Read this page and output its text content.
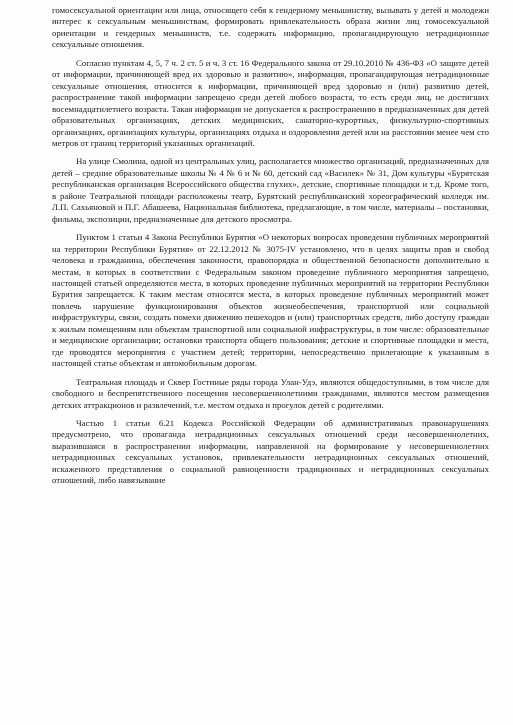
гомосексуальной ориентации или лица, относящего себя к гендерному меньшинству, вызывать у детей и молодежи интерес к сексуальным меньшинствам, формировать привлекательность образа жизни лиц гомосексуальной ориентации и гендерных меньшинств, т.е. содержать информацию, пропагандирующую нетрадиционные сексуальные отношения.

Согласно пунктам 4, 5, 7 ч. 2 ст. 5 и ч. 3 ст. 16 Федерального закона от 29.10.2010 № 436-ФЗ «О защите детей от информации, причиняющей вред их здоровью и развитию», информация, пропагандирующая нетрадиционные сексуальные отношения, относится к информации, причиняющей вред здоровью и (или) развитию детей, распространение такой информации запрещено среди детей любого возраста, то есть среди лиц, не достигших восемнадцатилетнего возраста. Такая информация не допускается к распространению в предназначенных для детей образовательных организациях, детских медицинских, санаторно-курортных, физкультурно-спортивных организациях, организациях культуры, организациях отдыха и оздоровления детей или на расстоянии менее чем сто метров от границ территорий указанных организаций.

На улице Смолина, одной из центральных улиц, располагается множество организаций, предназначенных для детей – средние образовательные школы № 4 № 6 и № 60, детский сад «Василек» № 31, Дом культуры «Бурятская республиканская организация Всероссийского общества глухих», детские, спортивные площадки и т.д. Кроме того, в районе Театральной площади расположены театр, Бурятский республиканский хореографический колледж им. Л.П. Сахьяновой и П.Г. Абашеева, Национальная библиотека, предлагающие, в том числе, материалы – постановки, фильмы, экспозиции, предназначенные для детского просмотра.

Пунктом 1 статьи 4 Закона Республики Бурятия «О некоторых вопросах проведения публичных мероприятий на территории Республики Бурятия» от 22.12.2012 № 3075-IV установлено, что в целях защиты прав и свобод человека и гражданина, обеспечения законности, правопорядка и общественной безопасности дополнительно к местам, в которых в соответствии с Федеральным законом проведение публичного мероприятия запрещено, настоящей статьей определяются места, в которых проведение публичных мероприятий на территории Республики Бурятия запрещается. К таким местам относятся места, в которых проведение публичных мероприятий может повлечь нарушение функционирования объектов жизнеобеспечения, транспортной или социальной инфраструктуры, связи, создать помехи движению пешеходов и (или) транспортных средств, либо доступу граждан к жилым помещениям или объектам транспортной или социальной инфраструктуры, в том числе: образовательные и медицинские организации; остановки транспорта общего пользования; детские и спортивные площадки и места, где проводятся мероприятия с участием детей; территории, непосредственно прилегающие к указанным в настоящей статье объектам и автомобильным дорогам.

Театральная площадь и Сквер Гостиные ряды города Улан-Удэ, являются общедоступными, в том числе для свободного и беспрепятственного посещения несовершеннолетними гражданами, являются местом размещения детских аттракционов и развлечений, т.е. местом отдыха и прогулок детей с родителями.

Частью 1 статьи 6.21 Кодекса Российской Федерации об административных правонарушениях предусмотрено, что пропаганда нетрадиционных сексуальных отношений среди несовершеннолетних, выразившаяся в распространении информации, направленной на формирование у несовершеннолетних нетрадиционных сексуальных установок, привлекательности нетрадиционных сексуальных отношений, искаженного представления о социальной равноценности традиционных и нетрадиционных сексуальных отношений, либо навязывание
